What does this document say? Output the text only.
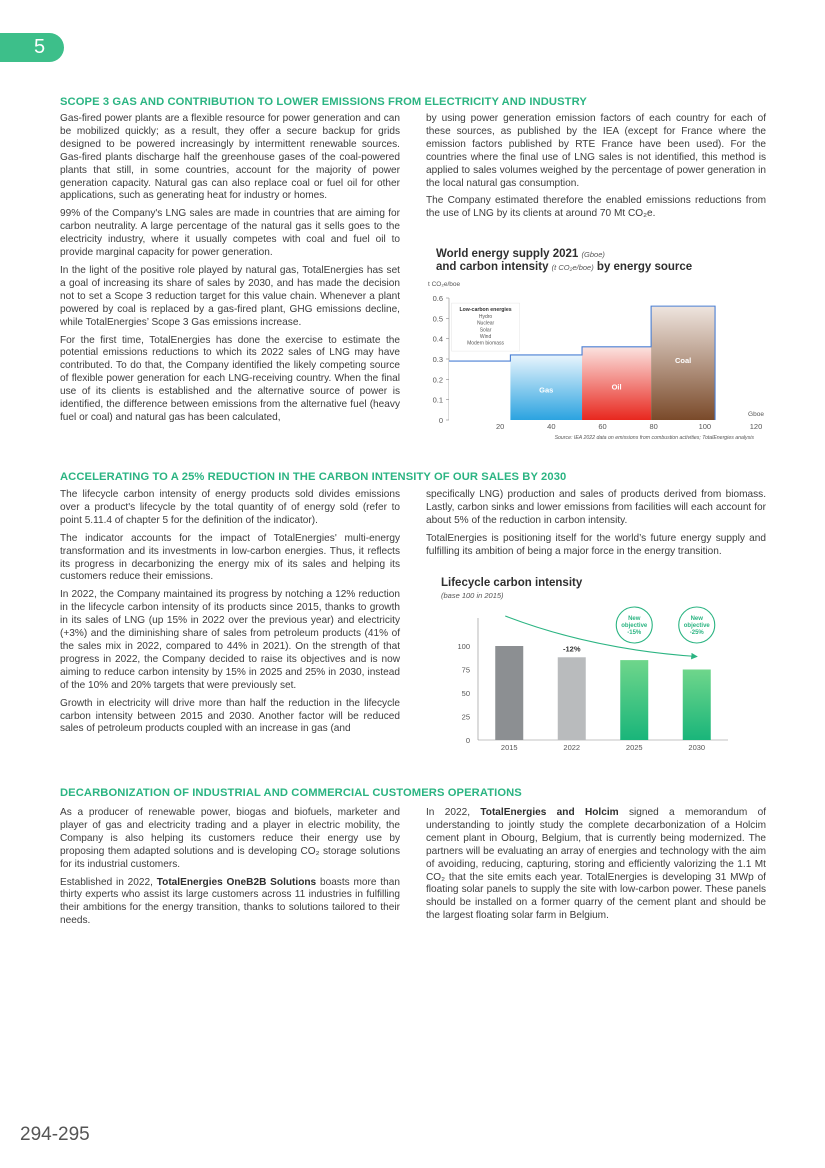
5
SCOPE 3 GAS AND CONTRIBUTION TO LOWER EMISSIONS FROM ELECTRICITY AND INDUSTRY

Gas-fired power plants are a flexible resource for power generation and can be mobilized quickly; as a result, they offer a secure backup for grids designed to be powered increasingly by intermittent renewable sources. Gas-fired plants discharge half the greenhouse gases of the coal-powered plants that still, in some countries, account for the majority of power generation capacity. Natural gas can also replace coal or fuel oil for other applications, such as generating heat for industry or homes.

99% of the Company's LNG sales are made in countries that are aiming for carbon neutrality. A large percentage of the natural gas it sells goes to the electricity industry, where it usually competes with coal and fuel oil to provide marginal capacity for power generation.

In the light of the positive role played by natural gas, TotalEnergies has set a goal of increasing its share of sales by 2030, and has made the decision not to set a Scope 3 reduction target for this value chain. Whenever a plant powered by coal is replaced by a gas-fired plant, GHG emissions decline, while TotalEnergies’ Scope 3 Gas emissions increase.

For the first time, TotalEnergies has done the exercise to estimate the potential emissions reductions to which its 2022 sales of LNG may have contributed. To do that, the Company identified the likely competing source of flexible power generation for each LNG-receiving country. When the final use of its clients is established and the alternative source of power is identified, the difference between emissions from the alternative fuel (heavy fuel or coal) and natural gas has been calculated,

by using power generation emission factors of each country for each of these sources, as published by the IEA (except for France where the emission factors published by RTE France have been used). For the countries where the final use of LNG sales is not identified, this method is applied to sales volumes weighed by the percentage of power generation in the local natural gas consumption.

The Company estimated therefore the enabled emissions reductions from the use of LNG by its clients at around 70 Mt CO₂e.

World energy supply 2021 (Gboe)
and carbon intensity (t CO₂e/boe) by energy source
t CO₂e/boe
0
0.1
0.2
0.3
0.4
0.5
0.6
20	40	60	80	100	120
Gboe
Gas	Oil
Coal
Low-carbon energies
Hydro
Nuclear
Solar
Wind
Modern biomass
Source: IEA 2022 data on emissions from combustion activities; TotalEnergies analysis
ACCELERATING TO A 25% REDUCTION IN THE CARBON INTENSITY OF OUR SALES BY 2030

The lifecycle carbon intensity of energy products sold divides emissions over a product's lifecycle by the total quantity of of energy sold (refer to point 5.11.4 of chapter 5 for the definition of the indicator).

The indicator accounts for the impact of TotalEnergies' multi-energy transformation and its investments in low-carbon energies. Thus, it reflects its progress in decarbonizing the energy mix of its sales and helping its customers reduce their emissions.

In 2022, the Company maintained its progress by notching a 12% reduction in the lifecycle carbon intensity of its products since 2015, thanks to growth in its sales of LNG (up 15% in 2022 over the previous year) and electricity (+3%) and the diminishing share of sales from petroleum products (41% of the sales mix in 2022, compared to 44% in 2021). On the strength of that progress in 2022, the Company decided to raise its objectives and is now aiming to reduce carbon intensity by 15% in 2025 and 25% in 2030, instead of the 10% and 20% targets that were previously set.

Growth in electricity will drive more than half the reduction in the lifecycle carbon intensity between 2015 and 2030. Another factor will be reduced sales of petroleum products coupled with an increase in gas (and

specifically LNG) production and sales of products derived from biomass. Lastly, carbon sinks and lower emissions from facilities will each account for about 5% of the reduction in carbon intensity.

TotalEnergies is positioning itself for the world’s future energy supply and fulfilling its ambition of being a major force in the energy transition.

Lifecycle carbon intensity
(base 100 in 2015)
0
25
50
75
100
2015	2022	2025	2030
-12%
New
objective
-15%
New
objective
-25%
DECARBONIZATION OF INDUSTRIAL AND COMMERCIAL CUSTOMERS OPERATIONS

As a producer of renewable power, biogas and biofuels, marketer and player of gas and electricity trading and a player in electric mobility, the Company is also helping its customers reduce their energy use by proposing them adapted solutions and is developing CO₂ storage solutions for its industrial customers.

Established in 2022, TotalEnergies OneB2B Solutions boasts more than thirty experts who assist its large customers across 11 industries in fulfilling their ambitions for the energy transition, thanks to solutions tailored to their needs.

In 2022, TotalEnergies and Holcim signed a memorandum of understanding to jointly study the complete decarbonization of a Holcim cement plant in Obourg, Belgium, that is currently being modernized. The partners will be evaluating an array of energies and technology with the aim of avoiding, reducing, capturing, storing and efficiently valorizing the 1.1 Mt CO₂ that the site emits each year. TotalEnergies is developing 31 MWp of floating solar panels to supply the site with low-carbon power. These panels should be installed on a former quarry of the cement plant and should be the largest floating solar farm in Belgium.

294-295
